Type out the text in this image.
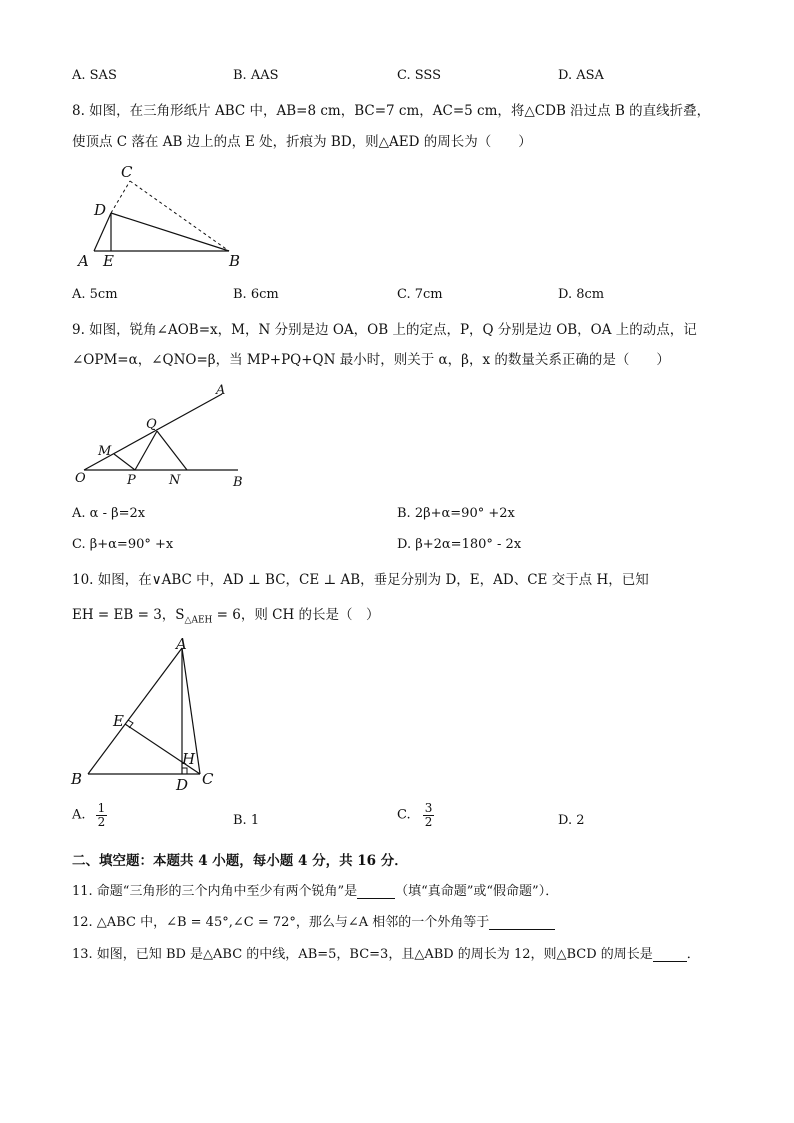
A. SAS	B. AAS	C. SSS	D. ASA
8. 如图，在三角形纸片 ABC 中，AB=8 cm，BC=7 cm，AC=5 cm，将△CDB 沿过点 B 的直线折叠，
使顶点 C 落在 AB 边上的点 E 处，折痕为 BD，则△AED 的周长为（　　）
C
D
A E	B
A. 5cm	B. 6cm	C. 7cm	D. 8cm
9. 如图，锐角∠AOB=x，M，N 分别是边 OA，OB 上的定点，P，Q 分别是边 OB，OA 上的动点，记
∠OPM=α，∠QNO=β，当 MP+PQ+QN 最小时，则关于 α，β，x 的数量关系正确的是（　　）
A
Q
M
O	P	N	B
A. α - β=2x	B. 2β+α=90° +2x
C. β+α=90° +x	D. β+2α=180° - 2x
10. 如图，在∨ABC 中，AD ⊥ BC，CE ⊥ AB，垂足分别为 D，E，AD、CE 交于点 H，已知
EH = EB = 3，$S_{\triangle AEH} = 6$，则 CH 的长是（　）
A
E
H
B	D C
A. $\frac{1}{2}$	B. 1	C. $\frac{3}{2}$	D. 2
二、填空题：本题共 4 小题，每小题 4 分，共 16 分．
11. 命题“三角形的三个内角中至少有两个锐角”是	（填“真命题”或“假命题”）．
12. △ABC 中，∠B = 45°,∠C = 72°，那么与∠A 相邻的一个外角等于
13. 如图，已知 BD 是△ABC 的中线，AB=5，BC=3，且△ABD 的周长为 12，则△BCD 的周长是	．
